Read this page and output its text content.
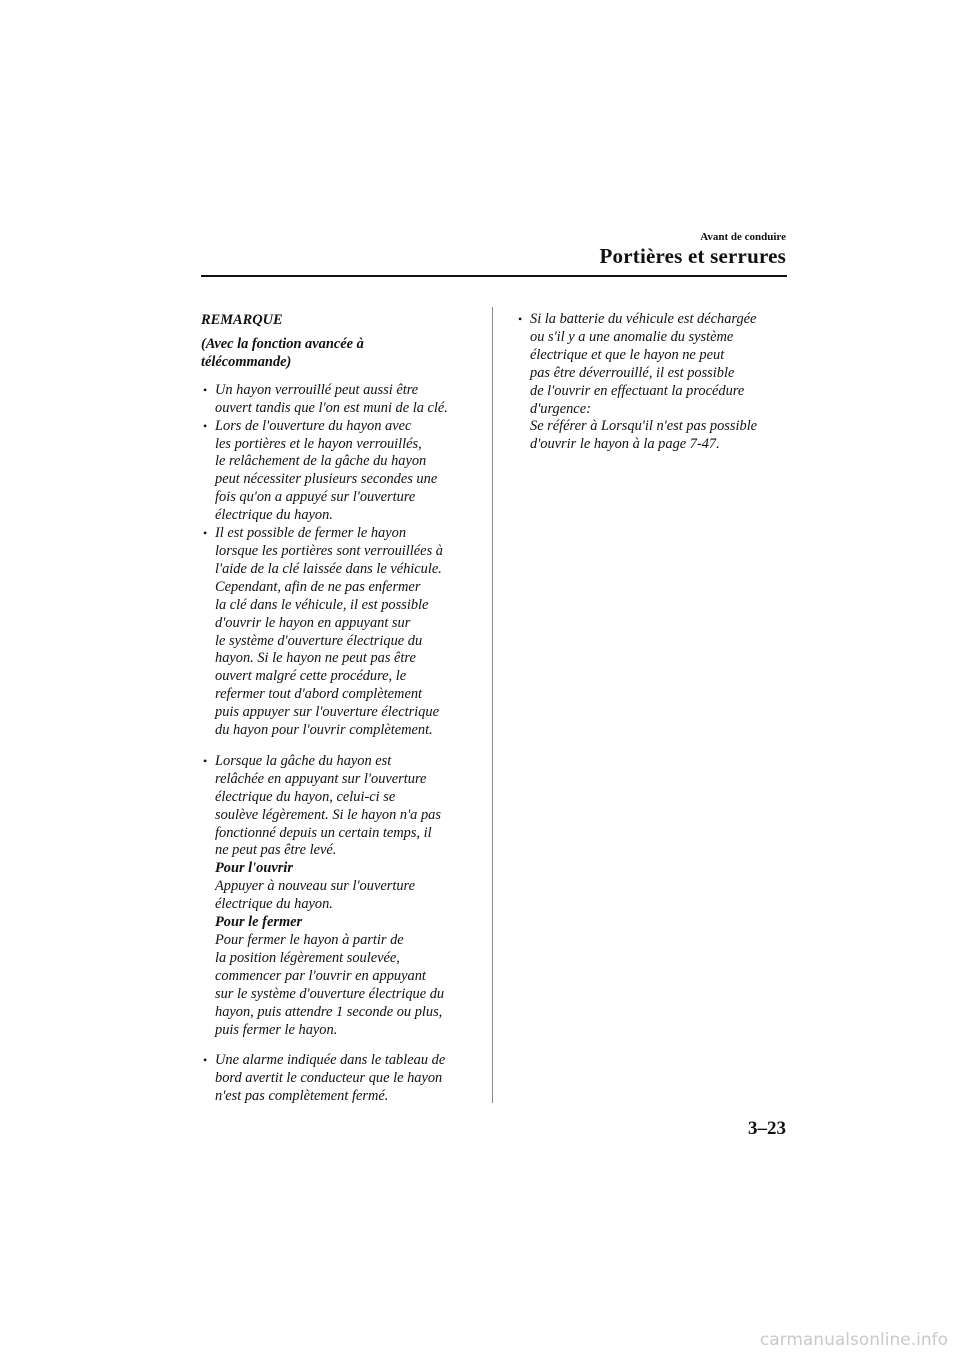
Avant de conduire
Portières et serrures

REMARQUE

(Avec la fonction avancée à
télécommande)

• Un hayon verrouillé peut aussi être
ouvert tandis que l'on est muni de la clé.
• Lors de l'ouverture du hayon avec
les portières et le hayon verrouillés,
le relâchement de la gâche du hayon
peut nécessiter plusieurs secondes une
fois qu'on a appuyé sur l'ouverture
électrique du hayon.
• Il est possible de fermer le hayon
lorsque les portières sont verrouillées à
l'aide de la clé laissée dans le véhicule.
Cependant, afin de ne pas enfermer
la clé dans le véhicule, il est possible
d'ouvrir le hayon en appuyant sur
le système d'ouverture électrique du
hayon. Si le hayon ne peut pas être
ouvert malgré cette procédure, le
refermer tout d'abord complètement
puis appuyer sur l'ouverture électrique
du hayon pour l'ouvrir complètement.
• Lorsque la gâche du hayon est
relâchée en appuyant sur l'ouverture
électrique du hayon, celui-ci se
soulève légèrement. Si le hayon n'a pas
fonctionné depuis un certain temps, il
ne peut pas être levé.
Pour l'ouvrir
Appuyer à nouveau sur l'ouverture
électrique du hayon.
Pour le fermer
Pour fermer le hayon à partir de
la position légèrement soulevée,
commencer par l'ouvrir en appuyant
sur le système d'ouverture électrique du
hayon, puis attendre 1 seconde ou plus,
puis fermer le hayon.
• Une alarme indiquée dans le tableau de
bord avertit le conducteur que le hayon
n'est pas complètement fermé.
• Si la batterie du véhicule est déchargée
ou s'il y a une anomalie du système
électrique et que le hayon ne peut
pas être déverrouillé, il est possible
de l'ouvrir en effectuant la procédure
d'urgence:
Se référer à Lorsqu'il n'est pas possible
d'ouvrir le hayon à la page 7-47.
3–23
carmanualsonline.info
